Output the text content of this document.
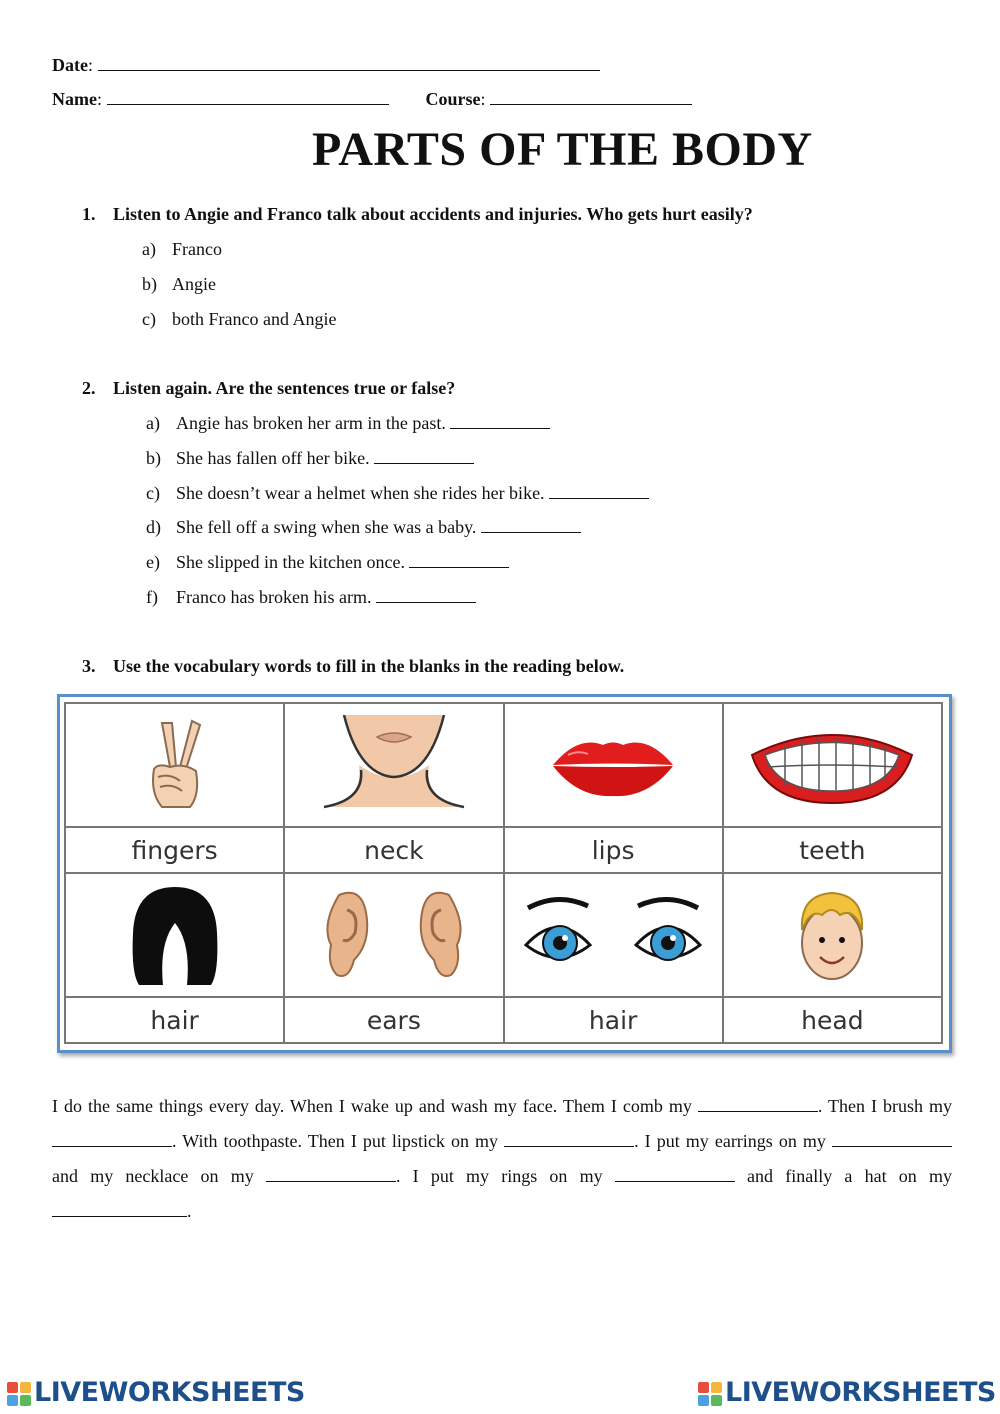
Date:
Name:	Course:
PARTS OF THE BODY
1. Listen to Angie and Franco talk about accidents and injuries. Who gets hurt easily?
a) Franco
b) Angie
c) both Franco and Angie
2. Listen again. Are the sentences true or false?
a) Angie has broken her arm in the past.
b) She has fallen off her bike.
c) She doesn’t wear a helmet when she rides her bike.
d) She fell off a swing when she was a baby.
e) She slipped in the kitchen once.
f) Franco has broken his arm.
3. Use the vocabulary words to fill in the blanks in the reading below.

fingers	neck	lips	teeth

hair	ears	hair	head
I do the same things every day. When I wake up and wash my face. Them I comb my	. Then I brush my . With toothpaste. Then I put lipstick on my	. I put my earrings on my  and my necklace on my	. I put my rings on my	and finally a hat on my .
LIVEWORKSHEETS	LIVEWORKSHEETS
